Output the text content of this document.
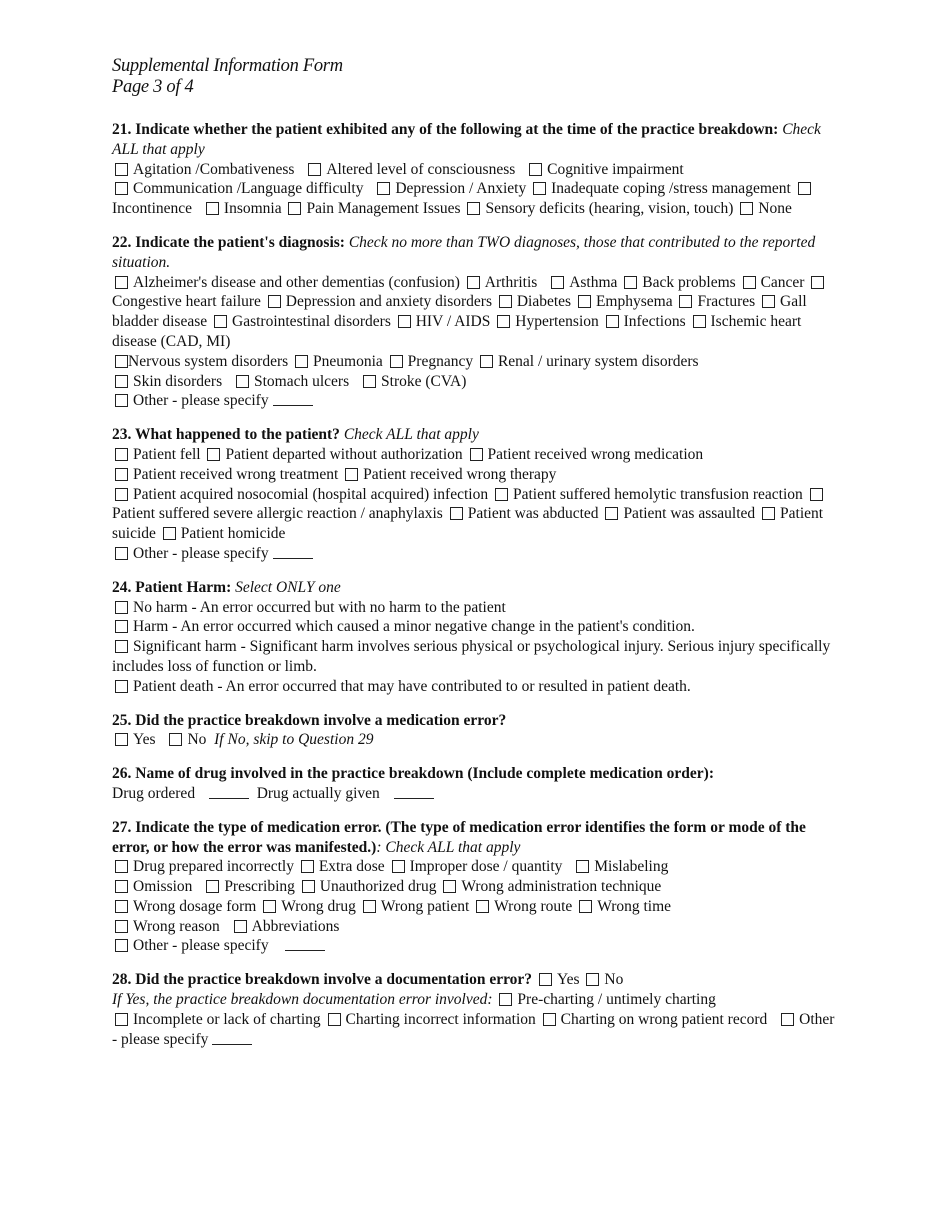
Supplemental Information Form
Page 3 of 4
21. Indicate whether the patient exhibited any of the following at the time of the practice breakdown: Check ALL that apply
Agitation /Combativeness Altered level of consciousness Cognitive impairment
Communication /Language difficulty Depression / Anxiety Inadequate coping /stress management Incontinence Insomnia Pain Management Issues Sensory deficits (hearing, vision, touch) None
22. Indicate the patient's diagnosis: Check no more than TWO diagnoses, those that contributed to the reported situation.
Alzheimer's disease and other dementias (confusion) Arthritis Asthma Back problems Cancer Congestive heart failure Depression and anxiety disorders Diabetes Emphysema Fractures Gall bladder disease Gastrointestinal disorders HIV / AIDS Hypertension Infections Ischemic heart disease (CAD, MI)
Nervous system disorders Pneumonia Pregnancy Renal / urinary system disorders
Skin disorders Stomach ulcers Stroke (CVA)
Other - please specify
23. What happened to the patient? Check ALL that apply
Patient fell Patient departed without authorization Patient received wrong medication
Patient received wrong treatment Patient received wrong therapy
Patient acquired nosocomial (hospital acquired) infection Patient suffered hemolytic transfusion reaction Patient suffered severe allergic reaction / anaphylaxis Patient was abducted Patient was assaulted Patient suicide Patient homicide
Other - please specify
24. Patient Harm: Select ONLY one
No harm - An error occurred but with no harm to the patient
Harm - An error occurred which caused a minor negative change in the patient's condition.
Significant harm - Significant harm involves serious physical or psychological injury. Serious injury specifically includes loss of function or limb.
Patient death - An error occurred that may have contributed to or resulted in patient death.
25. Did the practice breakdown involve a medication error?
Yes No If No, skip to Question 29
26. Name of drug involved in the practice breakdown (Include complete medication order):
Drug ordered	Drug actually given
27. Indicate the type of medication error. (The type of medication error identifies the form or mode of the error, or how the error was manifested.): Check ALL that apply
Drug prepared incorrectly Extra dose Improper dose / quantity Mislabeling
Omission Prescribing Unauthorized drug Wrong administration technique
Wrong dosage form Wrong drug Wrong patient Wrong route Wrong time
Wrong reason Abbreviations
Other - please specify
28. Did the practice breakdown involve a documentation error? Yes No
If Yes, the practice breakdown documentation error involved: Pre-charting / untimely charting
Incomplete or lack of charting Charting incorrect information Charting on wrong patient record Other - please specify
